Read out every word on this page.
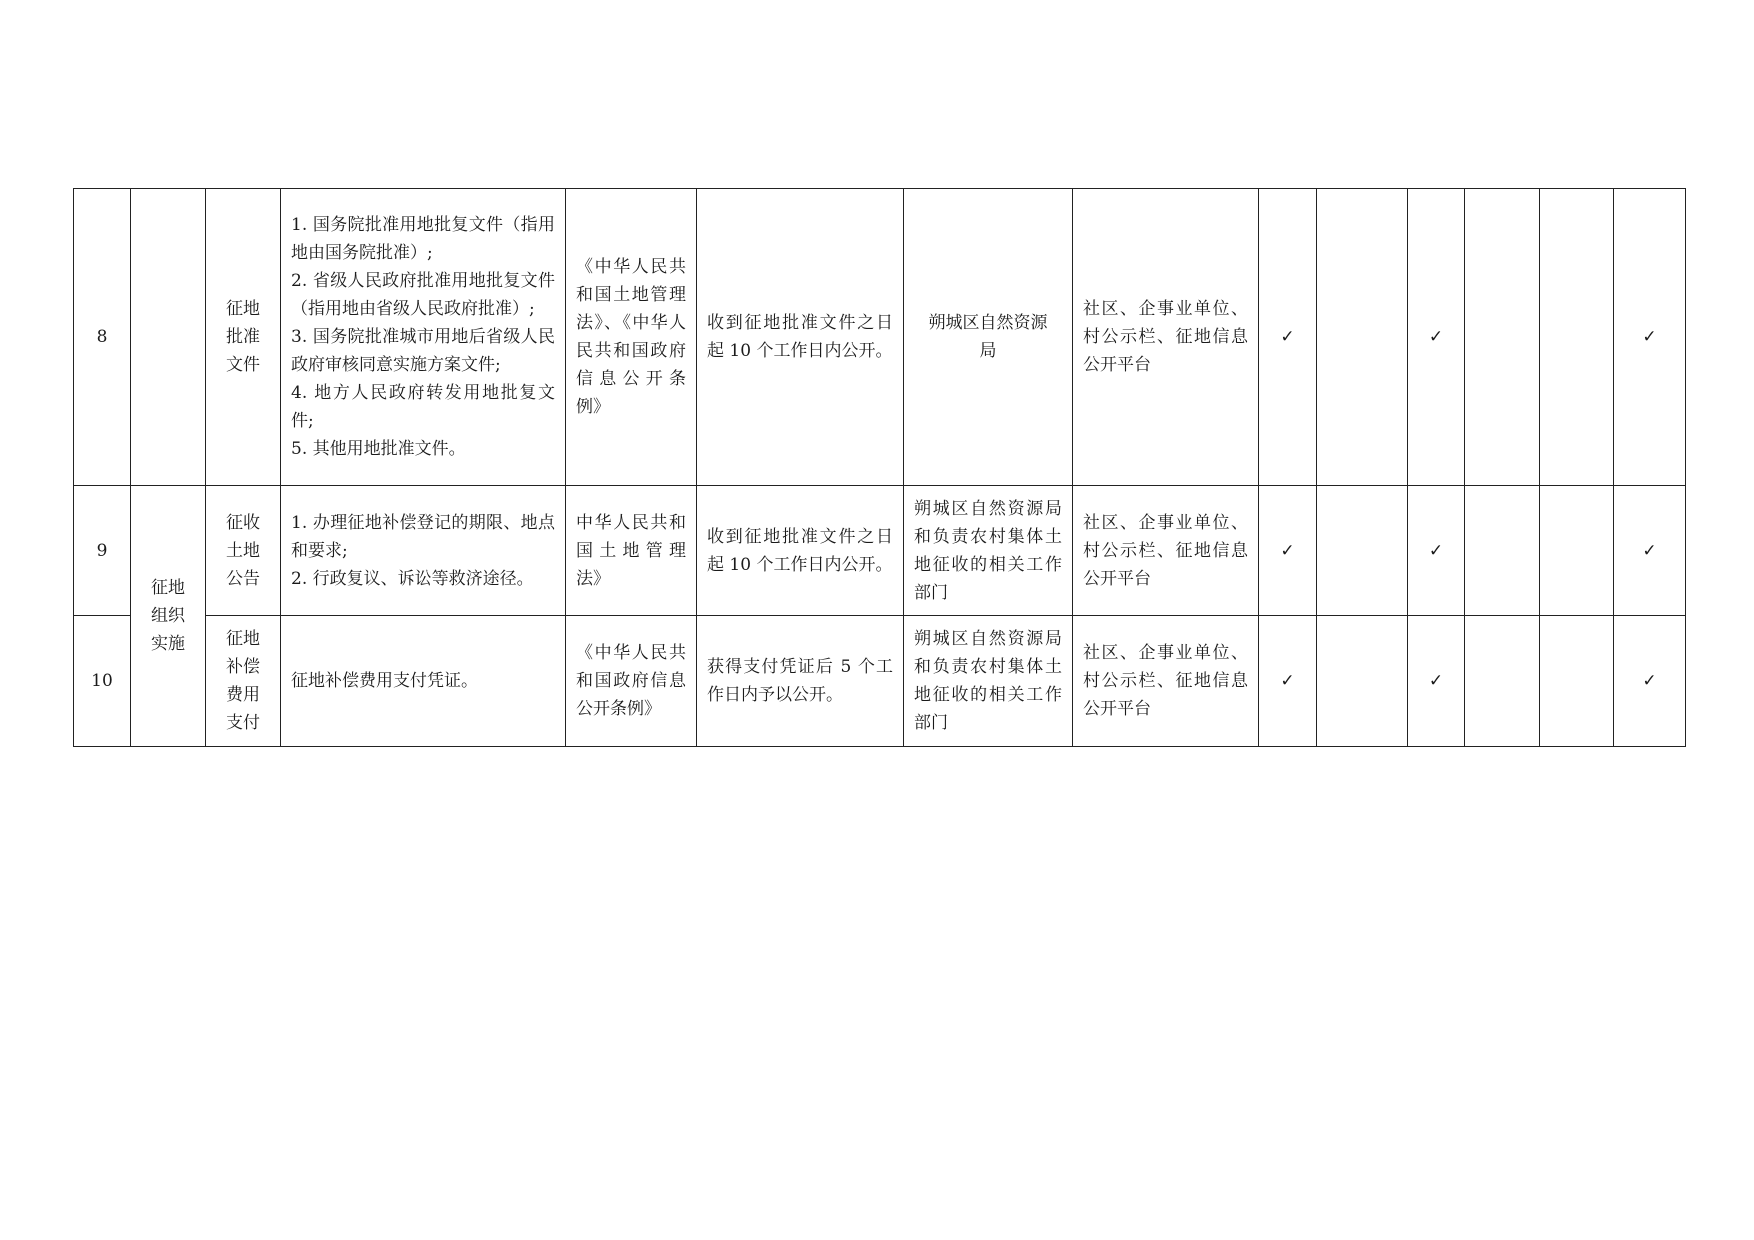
8		征地批准文件	1. 国务院批准用地批复文件（指用地由国务院批准）;
2. 省级人民政府批准用地批复文件（指用地由省级人民政府批准）;
3. 国务院批准城市用地后省级人民政府审核同意实施方案文件;
4. 地方人民政府转发用地批复文件;
5. 其他用地批准文件。	《中华人民共和国土地管理法》、《中华人民共和国政府信息公开条例》	收到征地批准文件之日起 10 个工作日内公开。	朔城区自然资源局	社区、企事业单位、村公示栏、征地信息公开平台	✓		✓			✓
9	征地组织实施	征收土地公告	1. 办理征地补偿登记的期限、地点和要求;
2. 行政复议、诉讼等救济途径。	中华人民共和国土地管理法》	收到征地批准文件之日起 10 个工作日内公开。	朔城区自然资源局和负责农村集体土地征收的相关工作部门	社区、企事业单位、村公示栏、征地信息公开平台	✓		✓			✓
10		征地补偿费用支付	征地补偿费用支付凭证。	《中华人民共和国政府信息公开条例》	获得支付凭证后 5 个工作日内予以公开。	朔城区自然资源局和负责农村集体土地征收的相关工作部门	社区、企事业单位、村公示栏、征地信息公开平台	✓		✓			✓
